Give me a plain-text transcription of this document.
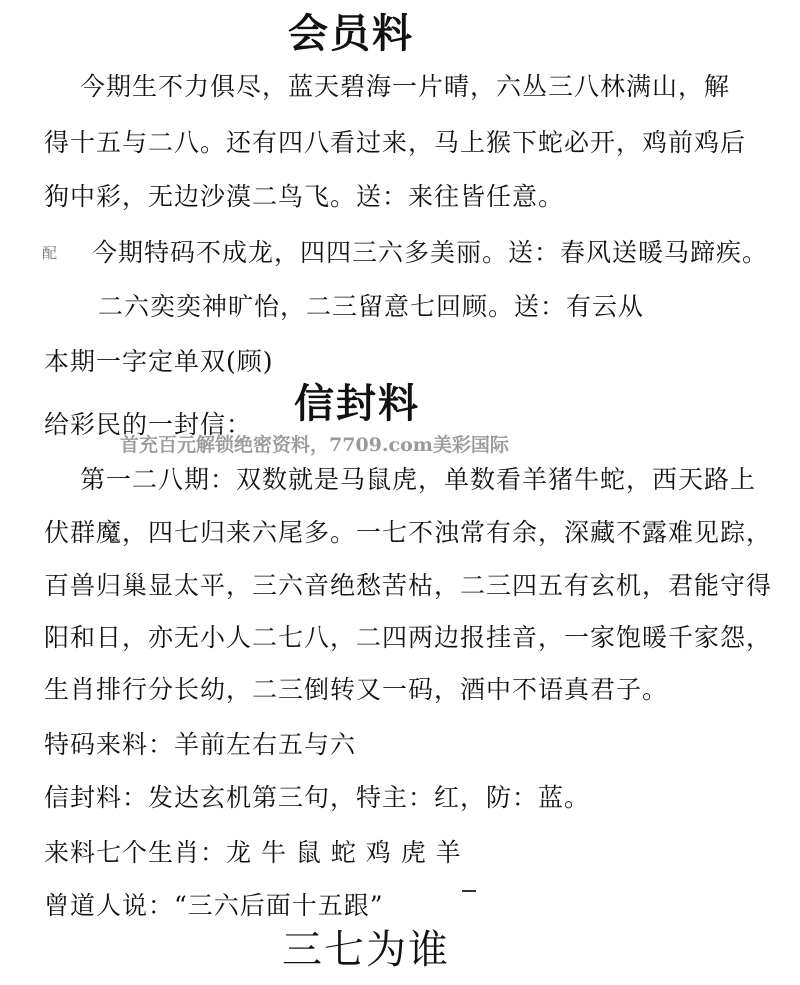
会员料
今期生不力俱尽，蓝天碧海一片晴，六丛三八林满山，解
得十五与二八。还有四八看过来，马上猴下蛇必开，鸡前鸡后
狗中彩，无边沙漠二鸟飞。送：来往皆任意。
配 今期特码不成龙，四四三六多美丽。送：春风送暖马蹄疾。
二六奕奕神旷怡，二三留意七回顾。送：有云从
本期一字定单双(顾)
给彩民的一封信： 信封料
首充百元解锁绝密资料，7709.com美彩国际
第一二八期：双数就是马鼠虎，单数看羊猪牛蛇，西天路上
伏群魔，四七归来六尾多。一七不浊常有余，深藏不露难见踪，
百兽归巢显太平，三六音绝愁苦枯，二三四五有玄机，君能守得
阳和日，亦无小人二七八，二四两边报挂音，一家饱暖千家怨，
生肖排行分长幼，二三倒转又一码，酒中不语真君子。
特码来料：羊前左右五与六
信封料：发达玄机第三句，特主：红，防：蓝。
来料七个生肖：龙 牛 鼠 蛇 鸡 虎 羊
曾道人说：“三六后面十五跟”
三七为谁
